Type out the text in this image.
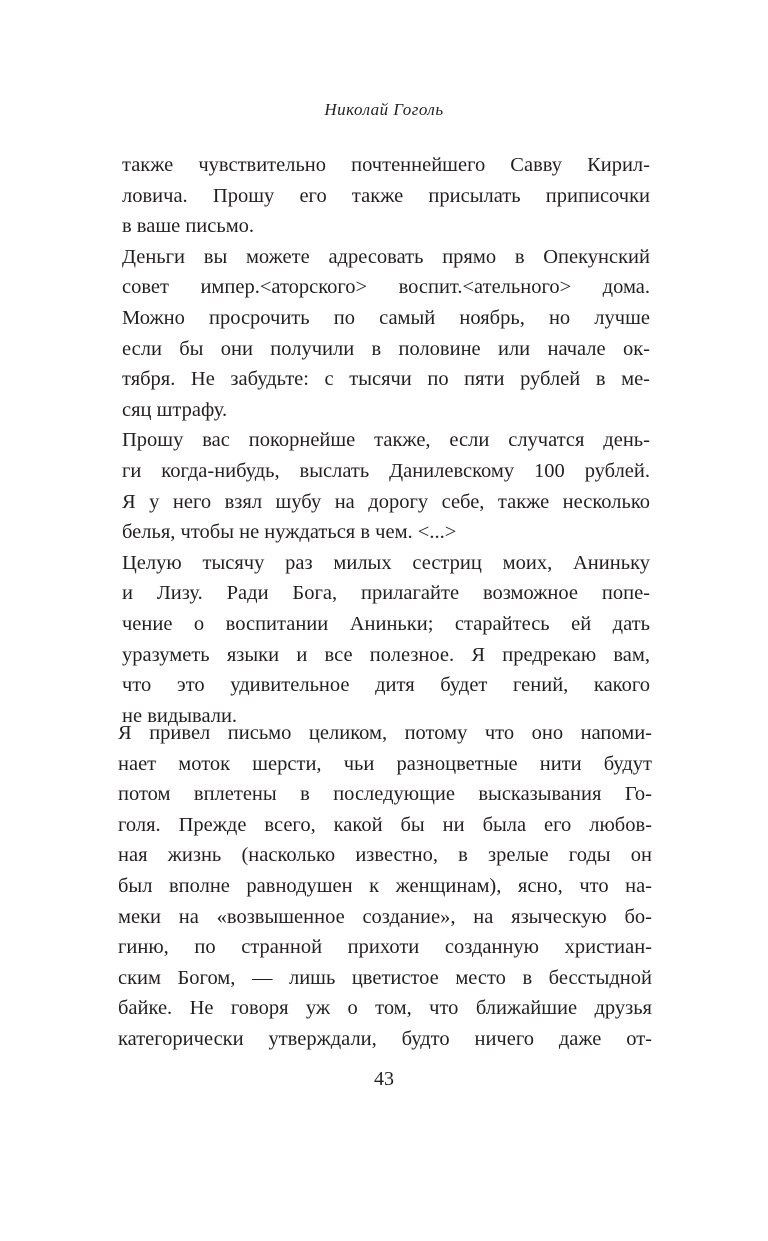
Николай Гоголь
также чувствительно почтеннейшего Савву Кирил-
ловича. Прошу его также присылать приписочки
в ваше письмо.
Деньги вы можете адресовать прямо в Опекунский
совет импер.<аторского> воспит.<ательного> дома.
Можно просрочить по самый ноябрь, но лучше
если бы они получили в половине или начале ок-
тября. Не забудьте: с тысячи по пяти рублей в ме-
сяц штрафу.
Прошу вас покорнейше также, если случатся день-
ги когда-нибудь, выслать Данилевскому 100 рублей.
Я у него взял шубу на дорогу себе, также несколько
белья, чтобы не нуждаться в чем. <...>
Целую тысячу раз милых сестриц моих, Аниньку
и Лизу. Ради Бога, прилагайте возможное попе-
чение о воспитании Аниньки; старайтесь ей дать
уразуметь языки и все полезное. Я предрекаю вам,
что это удивительное дитя будет гений, какого
не видывали.
Я привел письмо целиком, потому что оно напоми-
нает моток шерсти, чьи разноцветные нити будут
потом вплетены в последующие высказывания Го-
голя. Прежде всего, какой бы ни была его любов-
ная жизнь (насколько известно, в зрелые годы он
был вполне равнодушен к женщинам), ясно, что на-
меки на «возвышенное создание», на языческую бо-
гиню, по странной прихоти созданную христиан-
ским Богом, — лишь цветистое место в бесстыдной
байке. Не говоря уж о том, что ближайшие друзья
категорически утверждали, будто ничего даже от-
43
